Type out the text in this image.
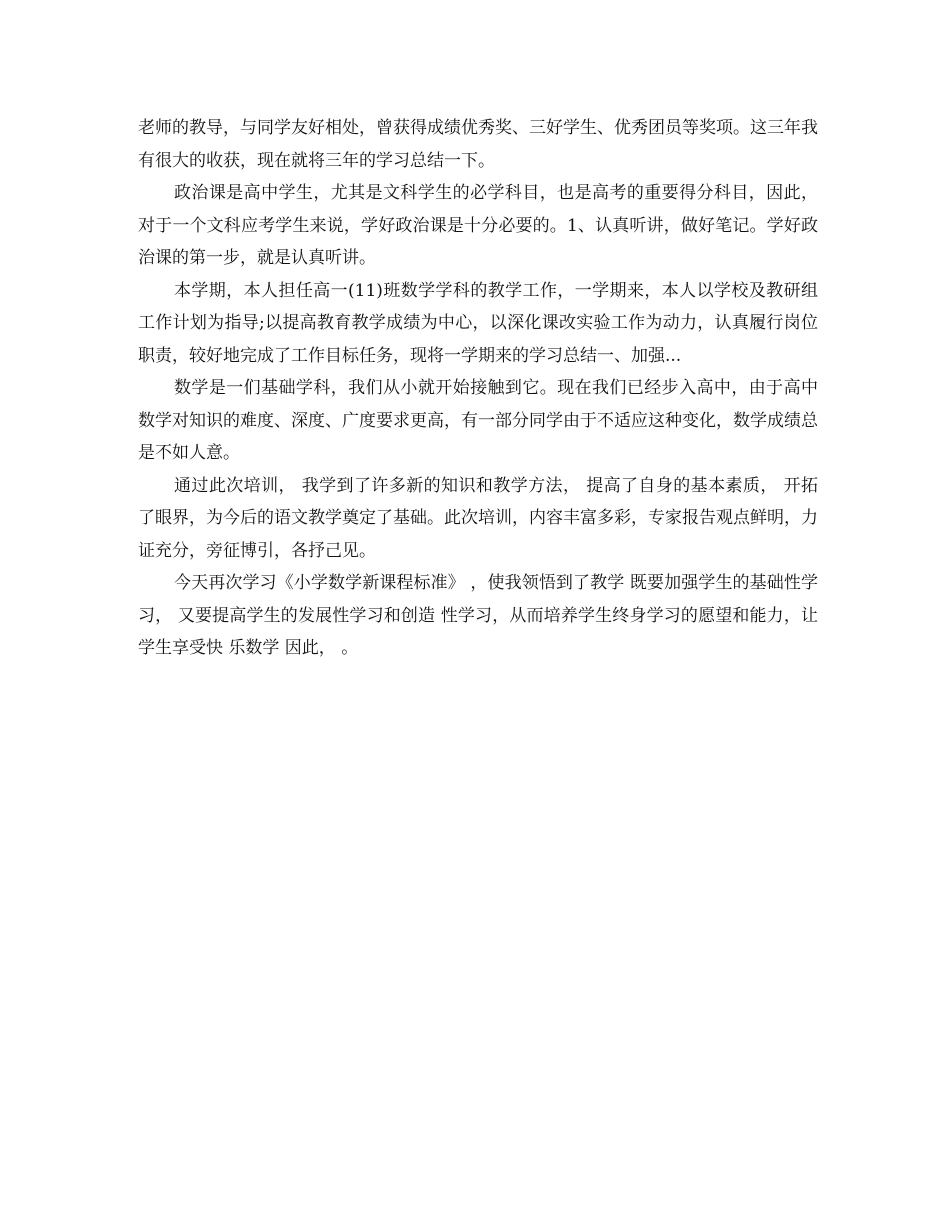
老师的教导，与同学友好相处，曾获得成绩优秀奖、三好学生、优秀团员等奖项。这三年我有很大的收获，现在就将三年的学习总结一下。

政治课是高中学生，尤其是文科学生的必学科目，也是高考的重要得分科目，因此，对于一个文科应考学生来说，学好政治课是十分必要的。1、认真听讲，做好笔记。学好政治课的第一步，就是认真听讲。

本学期，本人担任高一(11)班数学学科的教学工作，一学期来，本人以学校及教研组工作计划为指导;以提高教育教学成绩为中心，以深化课改实验工作为动力，认真履行岗位职责，较好地完成了工作目标任务，现将一学期来的学习总结一、加强...

数学是一们基础学科，我们从小就开始接触到它。现在我们已经步入高中，由于高中数学对知识的难度、深度、广度要求更高，有一部分同学由于不适应这种变化，数学成绩总是不如人意。

通过此次培训， 我学到了许多新的知识和教学方法， 提高了自身的基本素质， 开拓了眼界，为今后的语文教学奠定了基础。此次培训，内容丰富多彩，专家报告观点鲜明，力证充分，旁征博引，各抒己见。

今天再次学习《小学数学新课程标准》 ，使我领悟到了教学 既要加强学生的基础性学习， 又要提高学生的发展性学习和创造 性学习，从而培养学生终身学习的愿望和能力，让学生享受快 乐数学 因此， 。
